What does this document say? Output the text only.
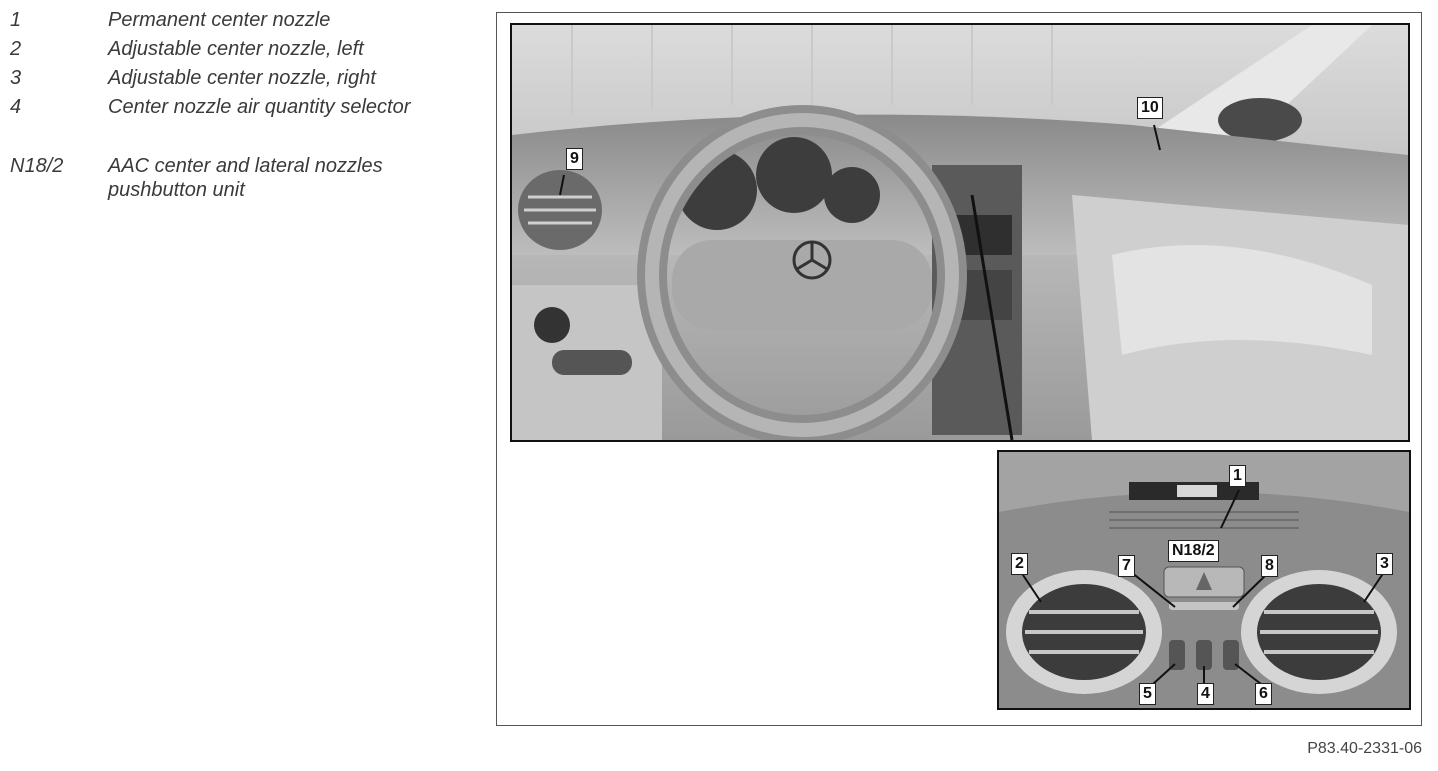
1	Permanent center nozzle
2	Adjustable center nozzle, left
3	Adjustable center nozzle, right
4	Center nozzle air quantity selector
N18/2 AAC center and lateral nozzles
pushbutton unit
9
10
1
N18/2
2	3
7	8
5	4	6
P83.40-2331-06
